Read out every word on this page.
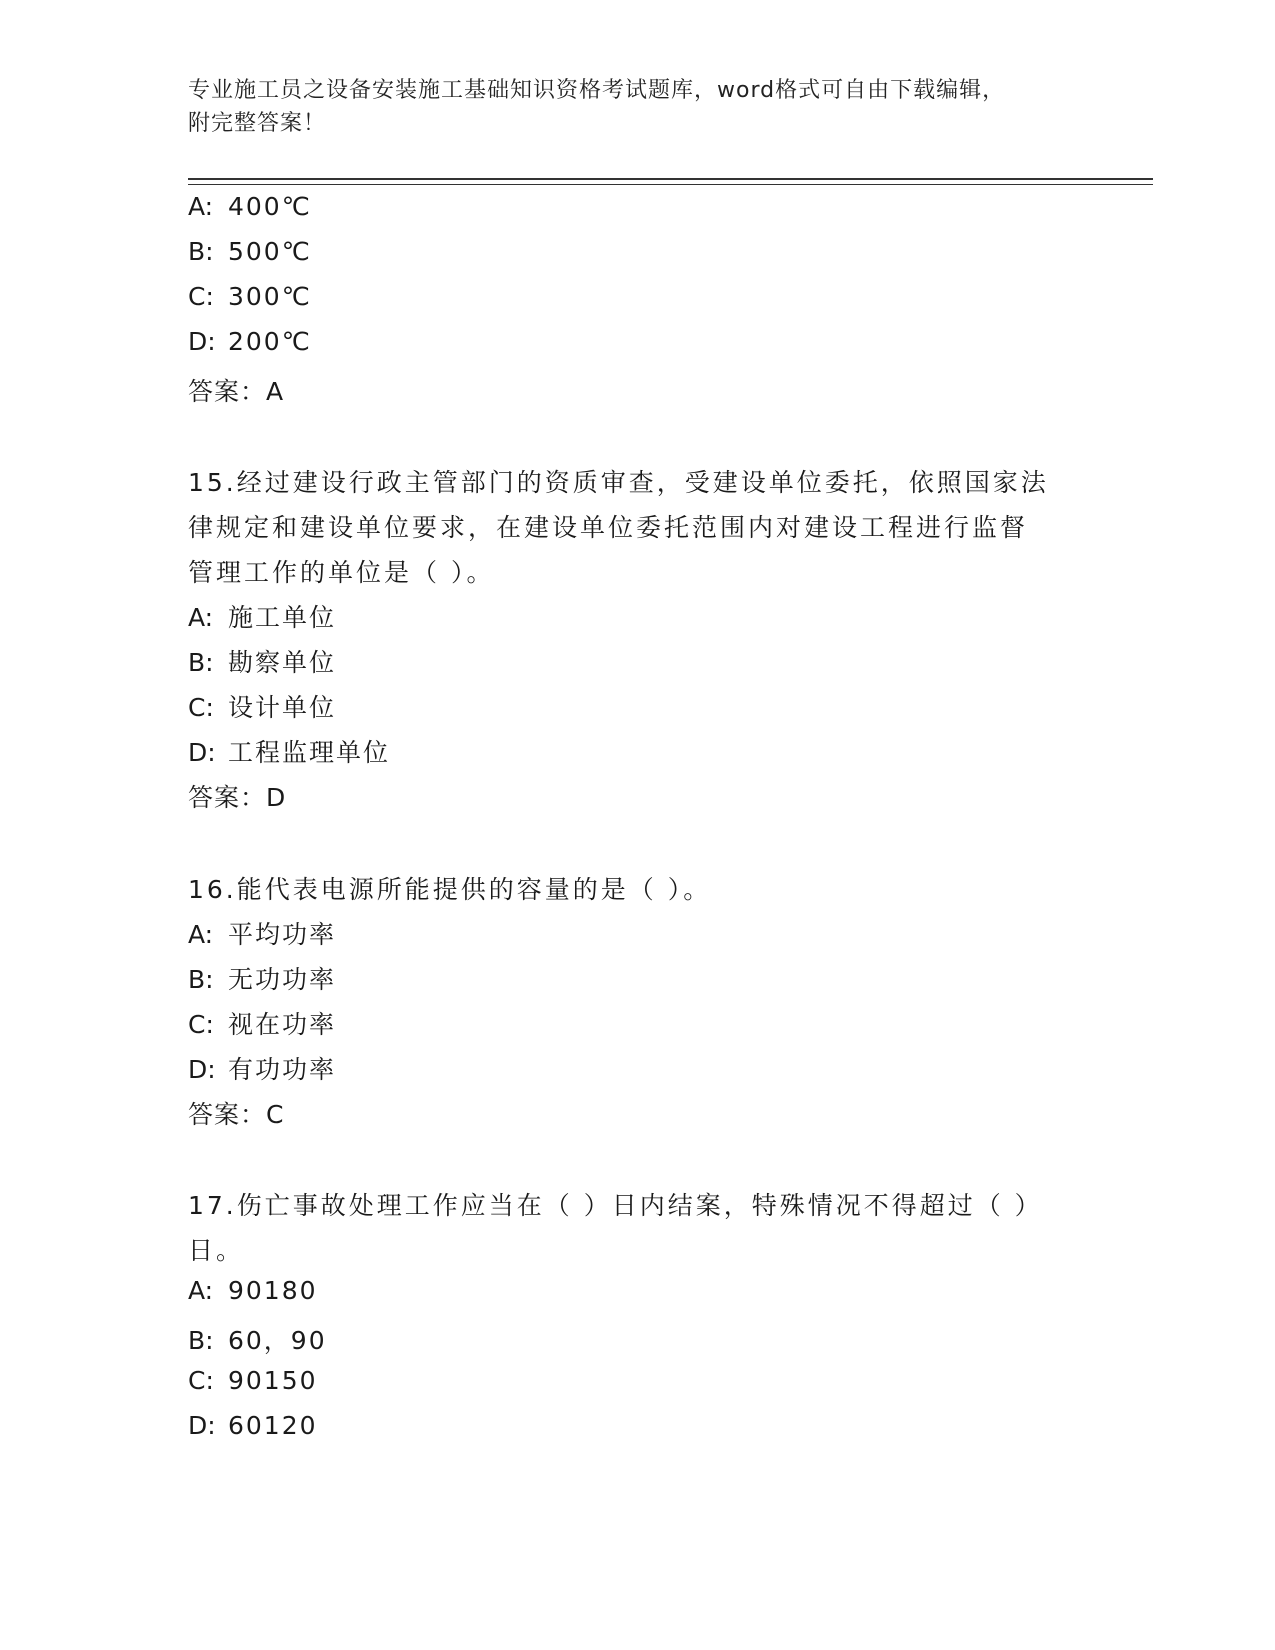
专业施工员之设备安装施工基础知识资格考试题库，word格式可自由下载编辑，
附完整答案！
A: 400℃
B: 500℃
C: 300℃
D: 200℃
答案：A
15.经过建设行政主管部门的资质审查，受建设单位委托，依照国家法
律规定和建设单位要求，在建设单位委托范围内对建设工程进行监督
管理工作的单位是（ ）。
A: 施工单位
B: 勘察单位
C: 设计单位
D: 工程监理单位
答案：D
16.能代表电源所能提供的容量的是（ ）。
A: 平均功率
B: 无功功率
C: 视在功率
D: 有功功率
答案：C
17.伤亡事故处理工作应当在（ ）日内结案，特殊情况不得超过（ ）
日。
A: 90180
B: 60，90
C: 90150
D: 60120
